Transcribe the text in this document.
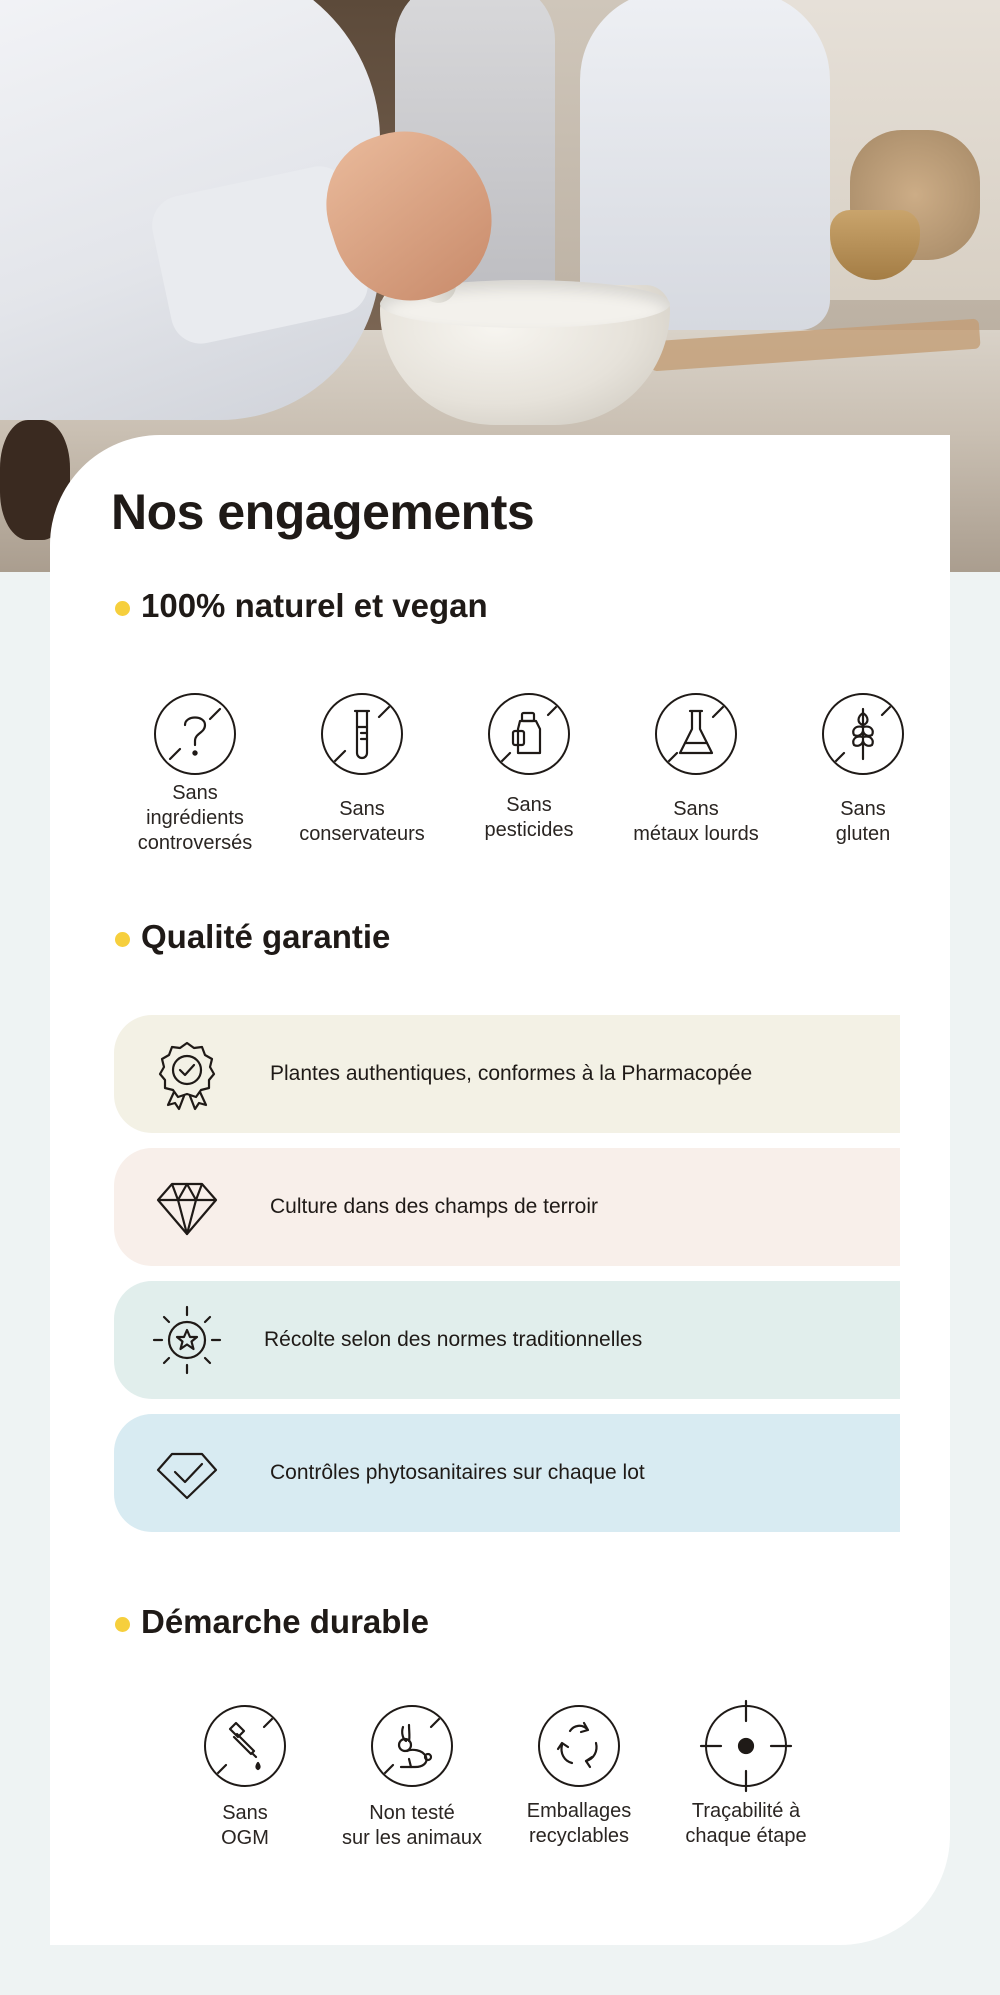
Nos engagements
100% naturel et vegan
Sans
ingrédients
controversés
Sans
conservateurs
Sans
pesticides
Sans
métaux lourds
Sans
gluten
Qualité garantie
Plantes authentiques, conformes à la Pharmacopée
Culture dans des champs de terroir
Récolte selon des normes traditionnelles
Contrôles phytosanitaires sur chaque lot
Démarche durable
Sans
OGM
Non testé
sur les animaux
Emballages
recyclables
Traçabilité à
chaque étape
